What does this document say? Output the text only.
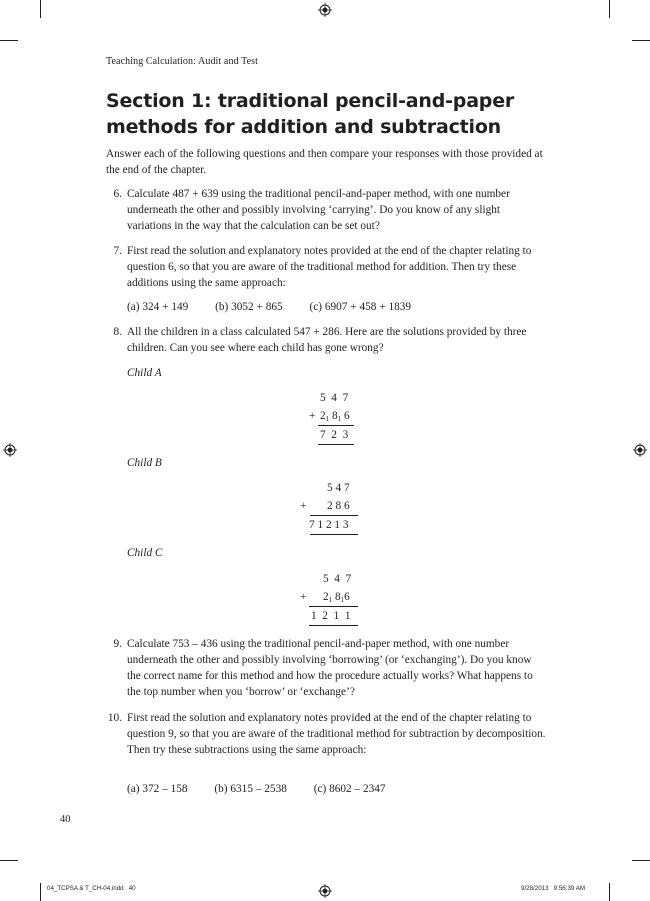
Teaching Calculation: Audit and Test
Section 1: traditional pencil-and-paper methods for addition and subtraction
Answer each of the following questions and then compare your responses with those provided at the end of the chapter.
6. Calculate 487 + 639 using the traditional pencil-and-paper method, with one number underneath the other and possibly involving ‘carrying’. Do you know of any slight variations in the way that the calculation can be set out?
7. First read the solution and explanatory notes provided at the end of the chapter relating to question 6, so that you are aware of the traditional method for addition. Then try these additions using the same approach:
(a) 324 + 149 (b) 3052 + 865 (c) 6907 + 458 + 1839
8. All the children in a class calculated 547 + 286. Here are the solutions provided by three children. Can you see where each child has gone wrong?
Child A
5  4  7
+ $2_1$ $8_1$ 6
7  2  3
Child B
5 4 7
+ 2 8 6
7 1 2 1 3
Child C
5  4  7
+ $2_1$ $8_16$
1  2  1  1
9. Calculate 753 – 436 using the traditional pencil-and-paper method, with one number underneath the other and possibly involving ‘borrowing’ (or ‘exchanging’). Do you know the correct name for this method and how the procedure actually works? What happens to the top number when you ‘borrow’ or ‘exchange’?
10. First read the solution and explanatory notes provided at the end of the chapter relating to question 9, so that you are aware of the traditional method for subtraction by decomposition. Then try these subtractions using the same approach:
(a) 372 – 158 (b) 6315 – 2538 (c) 8602 – 2347
40
04_TCPSA & T_CH-04.indd   40	9/28/2013   9:56:39 AM
